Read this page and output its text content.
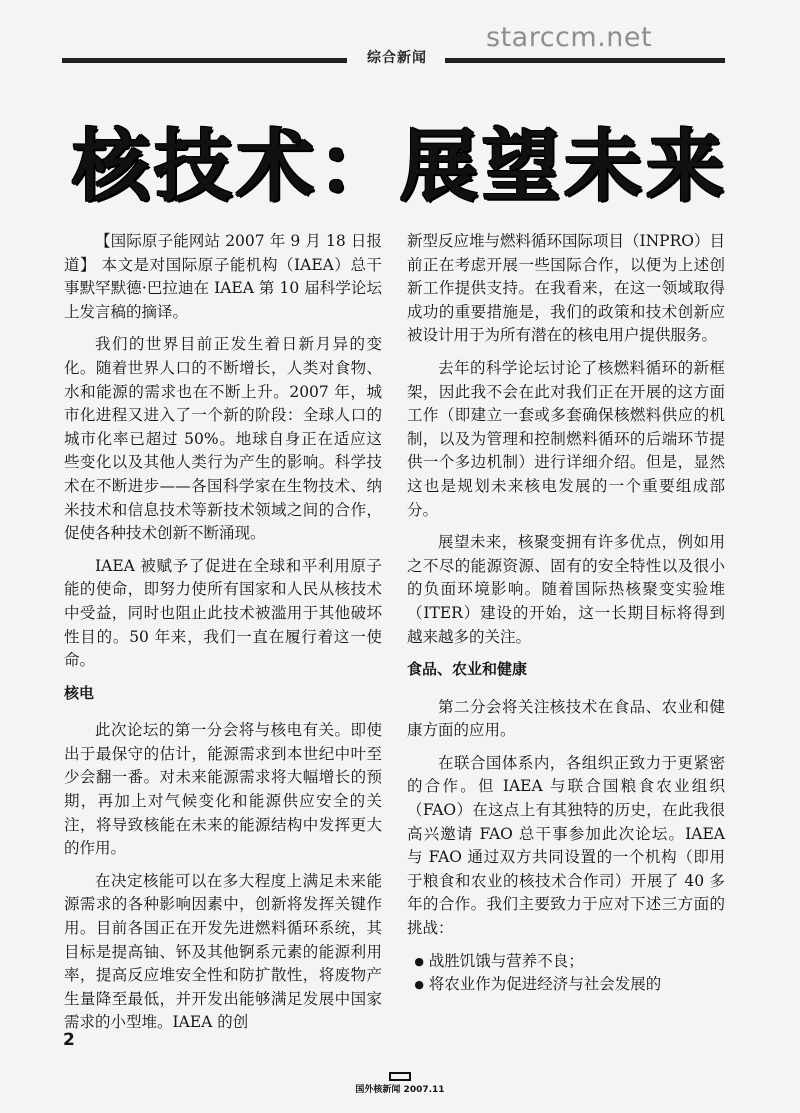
starccm.net
综合新闻
核技术：展望未来

【国际原子能网站 2007 年 9 月 18 日报道】 本文是对国际原子能机构（IAEA）总干事默罕默德·巴拉迪在 IAEA 第 10 届科学论坛上发言稿的摘译。

我们的世界目前正发生着日新月异的变化。随着世界人口的不断增长，人类对食物、水和能源的需求也在不断上升。2007 年，城市化进程又进入了一个新的阶段：全球人口的城市化率已超过 50%。地球自身正在适应这些变化以及其他人类行为产生的影响。科学技术在不断进步——各国科学家在生物技术、纳米技术和信息技术等新技术领域之间的合作，促使各种技术创新不断涌现。

IAEA 被赋予了促进在全球和平利用原子能的使命，即努力使所有国家和人民从核技术中受益，同时也阻止此技术被滥用于其他破坏性目的。50 年来，我们一直在履行着这一使命。

核电

此次论坛的第一分会将与核电有关。即使出于最保守的估计，能源需求到本世纪中叶至少会翻一番。对未来能源需求将大幅增长的预期，再加上对气候变化和能源供应安全的关注，将导致核能在未来的能源结构中发挥更大的作用。

在决定核能可以在多大程度上满足未来能源需求的各种影响因素中，创新将发挥关键作用。目前各国正在开发先进燃料循环系统，其目标是提高铀、钚及其他锕系元素的能源利用率，提高反应堆安全性和防扩散性，将废物产生量降至最低，并开发出能够满足发展中国家需求的小型堆。IAEA 的创

新型反应堆与燃料循环国际项目（INPRO）目前正在考虑开展一些国际合作，以便为上述创新工作提供支持。在我看来，在这一领域取得成功的重要措施是，我们的政策和技术创新应被设计用于为所有潜在的核电用户提供服务。

去年的科学论坛讨论了核燃料循环的新框架，因此我不会在此对我们正在开展的这方面工作（即建立一套或多套确保核燃料供应的机制，以及为管理和控制燃料循环的后端环节提供一个多边机制）进行详细介绍。但是，显然这也是规划未来核电发展的一个重要组成部分。

展望未来，核聚变拥有许多优点，例如用之不尽的能源资源、固有的安全特性以及很小的负面环境影响。随着国际热核聚变实验堆（ITER）建设的开始，这一长期目标将得到越来越多的关注。

食品、农业和健康

第二分会将关注核技术在食品、农业和健康方面的应用。

在联合国体系内，各组织正致力于更紧密的合作。但 IAEA 与联合国粮食农业组织（FAO）在这点上有其独特的历史，在此我很高兴邀请 FAO 总干事参加此次论坛。IAEA 与 FAO 通过双方共同设置的一个机构（即用于粮食和农业的核技术合作司）开展了 40 多年的合作。我们主要致力于应对下述三方面的挑战：

● 战胜饥饿与营养不良；
● 将农业作为促进经济与社会发展的
2
国外核新闻 2007.11
